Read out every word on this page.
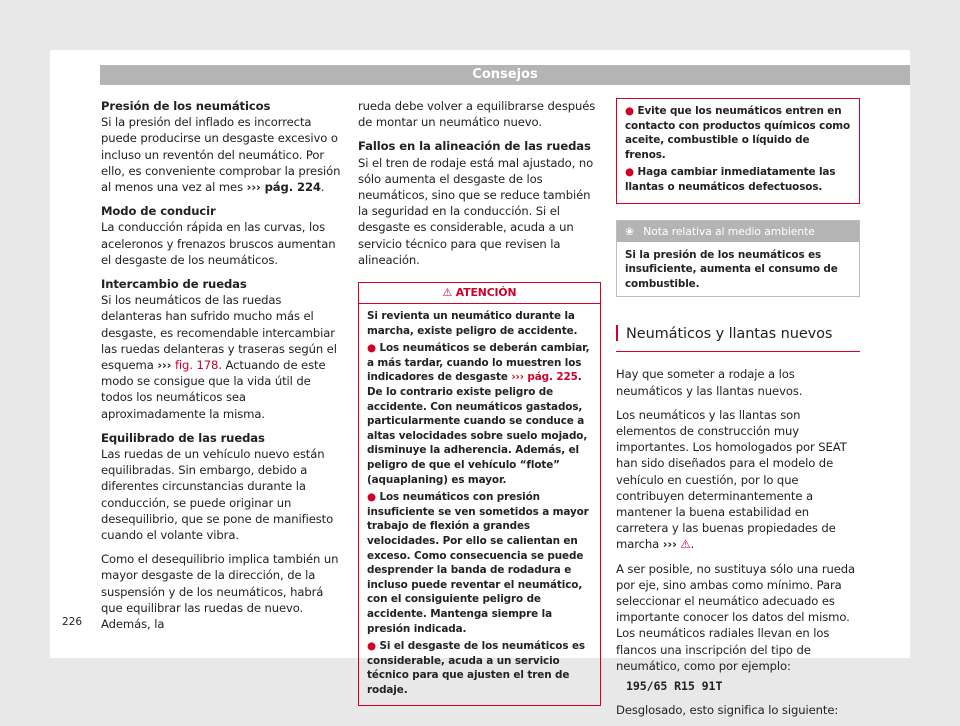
Consejos
Presión de los neumáticos

Si la presión del inflado es incorrecta puede producirse un desgaste excesivo o incluso un reventón del neumático. Por ello, es conveniente comprobar la presión al menos una vez al mes ››› pág. 224.

Modo de conducir

La conducción rápida en las curvas, los aceleronos y frenazos bruscos aumentan el desgaste de los neumáticos.

Intercambio de ruedas

Si los neumáticos de las ruedas delanteras han sufrido mucho más el desgaste, es recomendable intercambiar las ruedas delanteras y traseras según el esquema ››› fig. 178. Actuando de este modo se consigue que la vida útil de todos los neumáticos sea aproximadamente la misma.

Equilibrado de las ruedas

Las ruedas de un vehículo nuevo están equilibradas. Sin embargo, debido a diferentes circunstancias durante la conducción, se puede originar un desequilibrio, que se pone de manifiesto cuando el volante vibra.

Como el desequilibrio implica también un mayor desgaste de la dirección, de la suspensión y de los neumáticos, habrá que equilibrar las ruedas de nuevo. Además, la

rueda debe volver a equilibrarse después de montar un neumático nuevo.

Fallos en la alineación de las ruedas

Si el tren de rodaje está mal ajustado, no sólo aumenta el desgaste de los neumáticos, sino que se reduce también la seguridad en la conducción. Si el desgaste es considerable, acuda a un servicio técnico para que revisen la alineación.

⚠ ATENCIÓN

Si revienta un neumático durante la marcha, existe peligro de accidente.

● Los neumáticos se deberán cambiar, a más tardar, cuando lo muestren los indicadores de desgaste ››› pág. 225. De lo contrario existe peligro de accidente. Con neumáticos gastados, particularmente cuando se conduce a altas velocidades sobre suelo mojado, disminuye la adherencia. Además, el peligro de que el vehículo “flote” (aquaplaning) es mayor.

● Los neumáticos con presión insuficiente se ven sometidos a mayor trabajo de flexión a grandes velocidades. Por ello se calientan en exceso. Como consecuencia se puede desprender la banda de rodadura e incluso puede reventar el neumático, con el consiguiente peligro de accidente. Mantenga siempre la presión indicada.

● Si el desgaste de los neumáticos es considerable, acuda a un servicio técnico para que ajusten el tren de rodaje.

● Evite que los neumáticos entren en contacto con productos químicos como aceite, combustible o líquido de frenos.

● Haga cambiar inmediatamente las llantas o neumáticos defectuosos.

❀ Nota relativa al medio ambiente
Si la presión de los neumáticos es insuficiente, aumenta el consumo de combustible.
Neumáticos y llantas nuevos

Hay que someter a rodaje a los neumáticos y las llantas nuevos.

Los neumáticos y las llantas son elementos de construcción muy importantes. Los homologados por SEAT han sido diseñados para el modelo de vehículo en cuestión, por lo que contribuyen determinantemente a mantener la buena estabilidad en carretera y las buenas propiedades de marcha ››› ⚠.

A ser posible, no sustituya sólo una rueda por eje, sino ambas como mínimo. Para seleccionar el neumático adecuado es importante conocer los datos del mismo. Los neumáticos radiales llevan en los flancos una inscripción del tipo de neumático, como por ejemplo:

195/65 R15 91T

Desglosado, esto significa lo siguiente:

226
